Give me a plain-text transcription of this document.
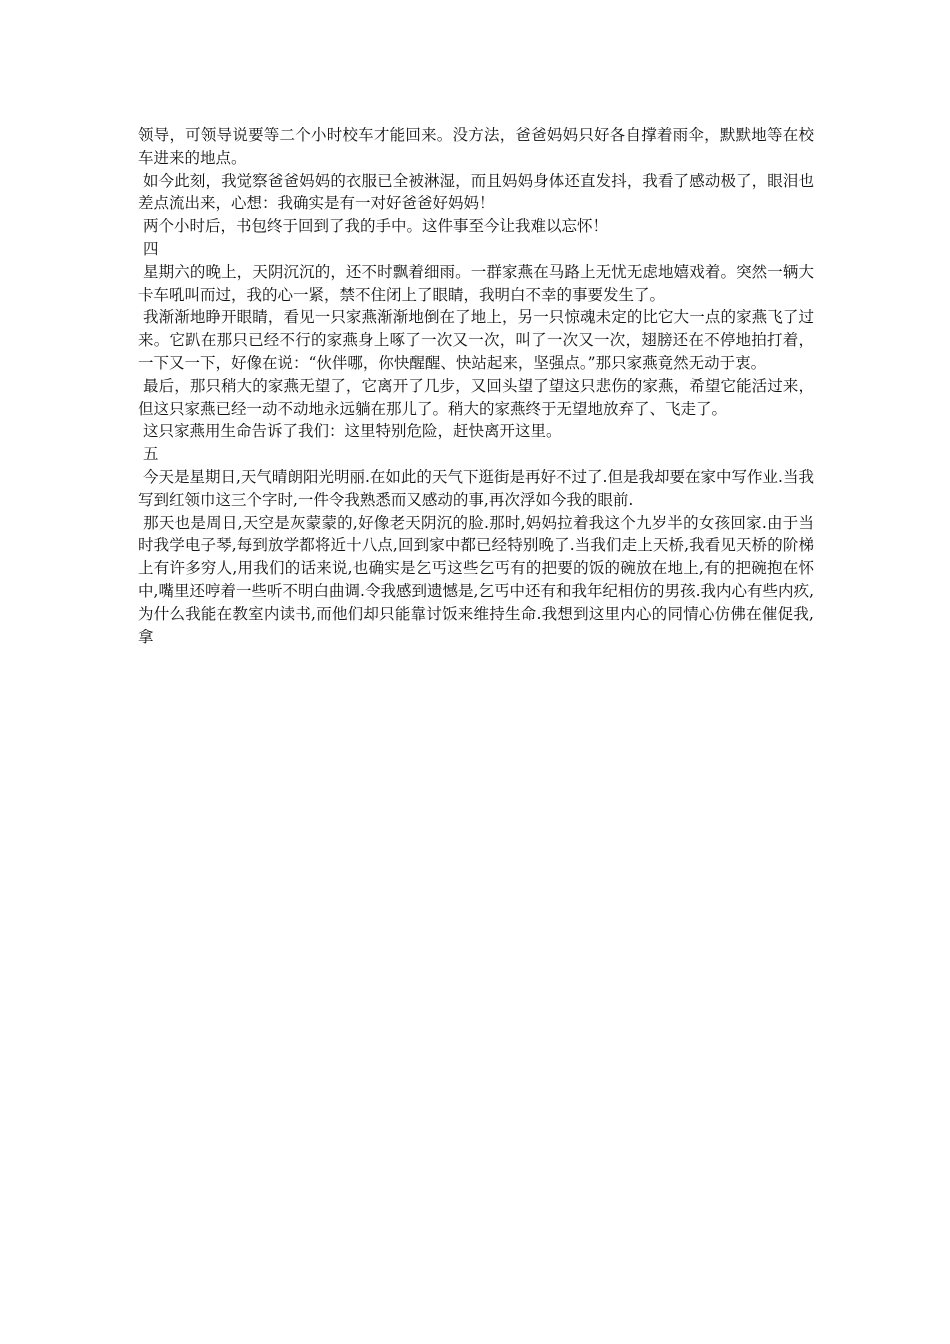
领导，可领导说要等二个小时校车才能回来。没方法，爸爸妈妈只好各自撑着雨伞，默默地等在校车进来的地点。

如今此刻，我觉察爸爸妈妈的衣服已全被淋湿，而且妈妈身体还直发抖，我看了感动极了，眼泪也差点流出来，心想：我确实是有一对好爸爸好妈妈！

两个小时后，书包终于回到了我的手中。这件事至今让我难以忘怀！

四

星期六的晚上，天阴沉沉的，还不时飘着细雨。一群家燕在马路上无忧无虑地嬉戏着。突然一辆大卡车吼叫而过，我的心一紧，禁不住闭上了眼睛，我明白不幸的事要发生了。

我渐渐地睁开眼睛，看见一只家燕渐渐地倒在了地上，另一只惊魂未定的比它大一点的家燕飞了过来。它趴在那只已经不行的家燕身上啄了一次又一次，叫了一次又一次，翅膀还在不停地拍打着，一下又一下，好像在说：“伙伴哪，你快醒醒、快站起来，坚强点。”那只家燕竟然无动于衷。

最后，那只稍大的家燕无望了，它离开了几步，又回头望了望这只悲伤的家燕，希望它能活过来，但这只家燕已经一动不动地永远躺在那儿了。稍大的家燕终于无望地放弃了、飞走了。

这只家燕用生命告诉了我们：这里特别危险，赶快离开这里。

五

今天是星期日,天气晴朗阳光明丽.在如此的天气下逛街是再好不过了.但是我却要在家中写作业.当我写到红领巾这三个字时,一件令我熟悉而又感动的事,再次浮如今我的眼前.

那天也是周日,天空是灰蒙蒙的,好像老天阴沉的脸.那时,妈妈拉着我这个九岁半的女孩回家.由于当时我学电子琴,每到放学都将近十八点,回到家中都已经特别晚了.当我们走上天桥,我看见天桥的阶梯上有许多穷人,用我们的话来说,也确实是乞丐这些乞丐有的把要的饭的碗放在地上,有的把碗抱在怀中,嘴里还哼着一些听不明白曲调.令我感到遗憾是,乞丐中还有和我年纪相仿的男孩.我内心有些内疚,为什么我能在教室内读书,而他们却只能靠讨饭来维持生命.我想到这里内心的同情心仿佛在催促我,拿
